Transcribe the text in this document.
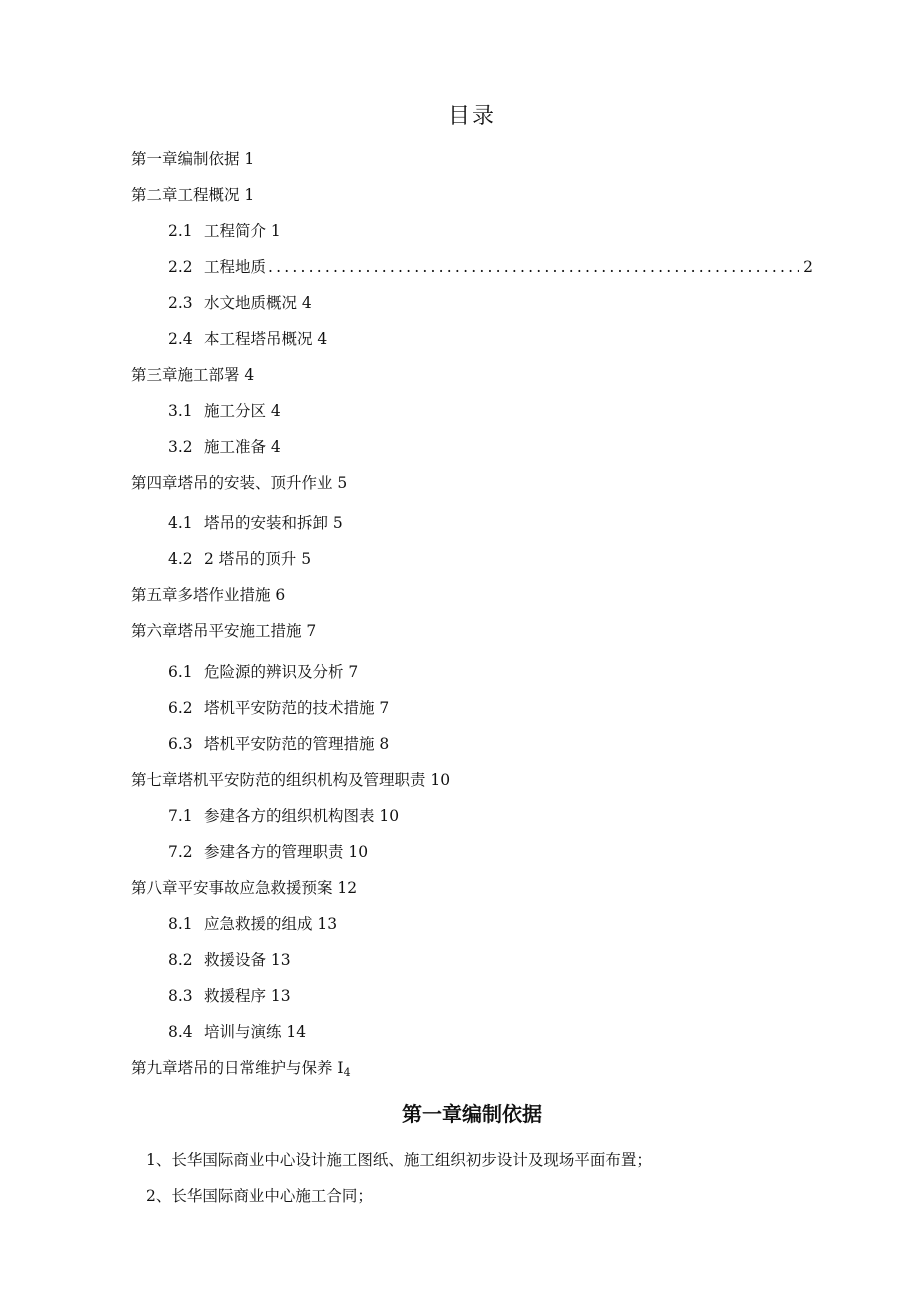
目录
第一章编制依据 1
第二章工程概况 1
2.1 工程简介 1
2.2 工程地质
.....	2
2.3 水文地质概况 4
2.4 本工程塔吊概况 4
第三章施工部署 4
3.1 施工分区 4
3.2 施工准备 4
第四章塔吊的安装、顶升作业 5
4.1 塔吊的安装和拆卸 5
4.2 2 塔吊的顶升 5
第五章多塔作业措施 6
第六章塔吊平安施工措施 7
6.1 危险源的辨识及分析 7
6.2 塔机平安防范的技术措施 7
6.3 塔机平安防范的管理措施 8
第七章塔机平安防范的组织机构及管理职责 10
7.1 参建各方的组织机构图表 10
7.2 参建各方的管理职责 10
第八章平安事故应急救援预案 12
8.1 应急救援的组成 13
8.2 救援设备 13
8.3 救援程序 13
8.4 培训与演练 14
第九章塔吊的日常维护与保养 I4
第一章编制依据
1、长华国际商业中心设计施工图纸、施工组织初步设计及现场平面布置；
2、长华国际商业中心施工合同；
